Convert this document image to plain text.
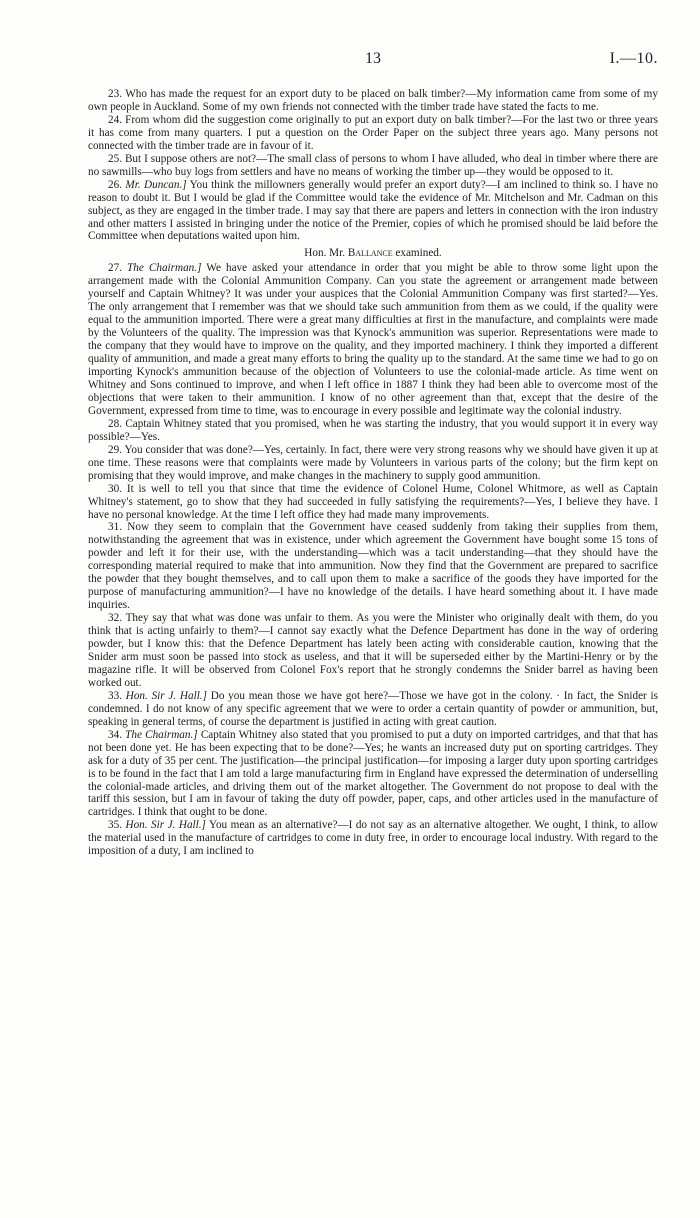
13	I.—10.

23. Who has made the request for an export duty to be placed on balk timber?—My information came from some of my own people in Auckland. Some of my own friends not connected with the timber trade have stated the facts to me.

24. From whom did the suggestion come originally to put an export duty on balk timber?—For the last two or three years it has come from many quarters. I put a question on the Order Paper on the subject three years ago. Many persons not connected with the timber trade are in favour of it.

25. But I suppose others are not?—The small class of persons to whom I have alluded, who deal in timber where there are no sawmills—who buy logs from settlers and have no means of working the timber up—they would be opposed to it.

26. Mr. Duncan.] You think the millowners generally would prefer an export duty?—I am inclined to think so. I have no reason to doubt it. But I would be glad if the Committee would take the evidence of Mr. Mitchelson and Mr. Cadman on this subject, as they are engaged in the timber trade. I may say that there are papers and letters in connection with the iron industry and other matters I assisted in bringing under the notice of the Premier, copies of which he promised should be laid before the Committee when deputations waited upon him.

Hon. Mr. Ballance examined.

27. The Chairman.] We have asked your attendance in order that you might be able to throw some light upon the arrangement made with the Colonial Ammunition Company. Can you state the agreement or arrangement made between yourself and Captain Whitney? It was under your auspices that the Colonial Ammunition Company was first started?—Yes. The only arrangement that I remember was that we should take such ammunition from them as we could, if the quality were equal to the ammunition imported. There were a great many difficulties at first in the manufacture, and complaints were made by the Volunteers of the quality. The impression was that Kynock's ammunition was superior. Representations were made to the company that they would have to improve on the quality, and they imported machinery. I think they imported a different quality of ammunition, and made a great many efforts to bring the quality up to the standard. At the same time we had to go on importing Kynock's ammunition because of the objection of Volunteers to use the colonial-made article. As time went on Whitney and Sons continued to improve, and when I left office in 1887 I think they had been able to overcome most of the objections that were taken to their ammunition. I know of no other agreement than that, except that the desire of the Government, expressed from time to time, was to encourage in every possible and legitimate way the colonial industry.

28. Captain Whitney stated that you promised, when he was starting the industry, that you would support it in every way possible?—Yes.

29. You consider that was done?—Yes, certainly. In fact, there were very strong reasons why we should have given it up at one time. These reasons were that complaints were made by Volunteers in various parts of the colony; but the firm kept on promising that they would improve, and make changes in the machinery to supply good ammunition.

30. It is well to tell you that since that time the evidence of Colonel Hume, Colonel Whitmore, as well as Captain Whitney's statement, go to show that they had succeeded in fully satisfying the requirements?—Yes, I believe they have. I have no personal knowledge. At the time I left office they had made many improvements.

31. Now they seem to complain that the Government have ceased suddenly from taking their supplies from them, notwithstanding the agreement that was in existence, under which agreement the Government have bought some 15 tons of powder and left it for their use, with the understanding—which was a tacit understanding—that they should have the corresponding material required to make that into ammunition. Now they find that the Government are prepared to sacrifice the powder that they bought themselves, and to call upon them to make a sacrifice of the goods they have imported for the purpose of manufacturing ammunition?—I have no knowledge of the details. I have heard something about it. I have made inquiries.

32. They say that what was done was unfair to them. As you were the Minister who originally dealt with them, do you think that is acting unfairly to them?—I cannot say exactly what the Defence Department has done in the way of ordering powder, but I know this: that the Defence Department has lately been acting with considerable caution, knowing that the Snider arm must soon be passed into stock as useless, and that it will be superseded either by the Martini-Henry or by the magazine rifle. It will be observed from Colonel Fox's report that he strongly condemns the Snider barrel as having been worked out.

33. Hon. Sir J. Hall.] Do you mean those we have got here?—Those we have got in the colony. · In fact, the Snider is condemned. I do not know of any specific agreement that we were to order a certain quantity of powder or ammunition, but, speaking in general terms, of course the department is justified in acting with great caution.

34. The Chairman.] Captain Whitney also stated that you promised to put a duty on imported cartridges, and that that has not been done yet. He has been expecting that to be done?—Yes; he wants an increased duty put on sporting cartridges. They ask for a duty of 35 per cent. The justification—the principal justification—for imposing a larger duty upon sporting cartridges is to be found in the fact that I am told a large manufacturing firm in England have expressed the determination of underselling the colonial-made articles, and driving them out of the market altogether. The Government do not propose to deal with the tariff this session, but I am in favour of taking the duty off powder, paper, caps, and other articles used in the manufacture of cartridges. I think that ought to be done.

35. Hon. Sir J. Hall.] You mean as an alternative?—I do not say as an alternative altogether. We ought, I think, to allow the material used in the manufacture of cartridges to come in duty free, in order to encourage local industry. With regard to the imposition of a duty, I am inclined to
